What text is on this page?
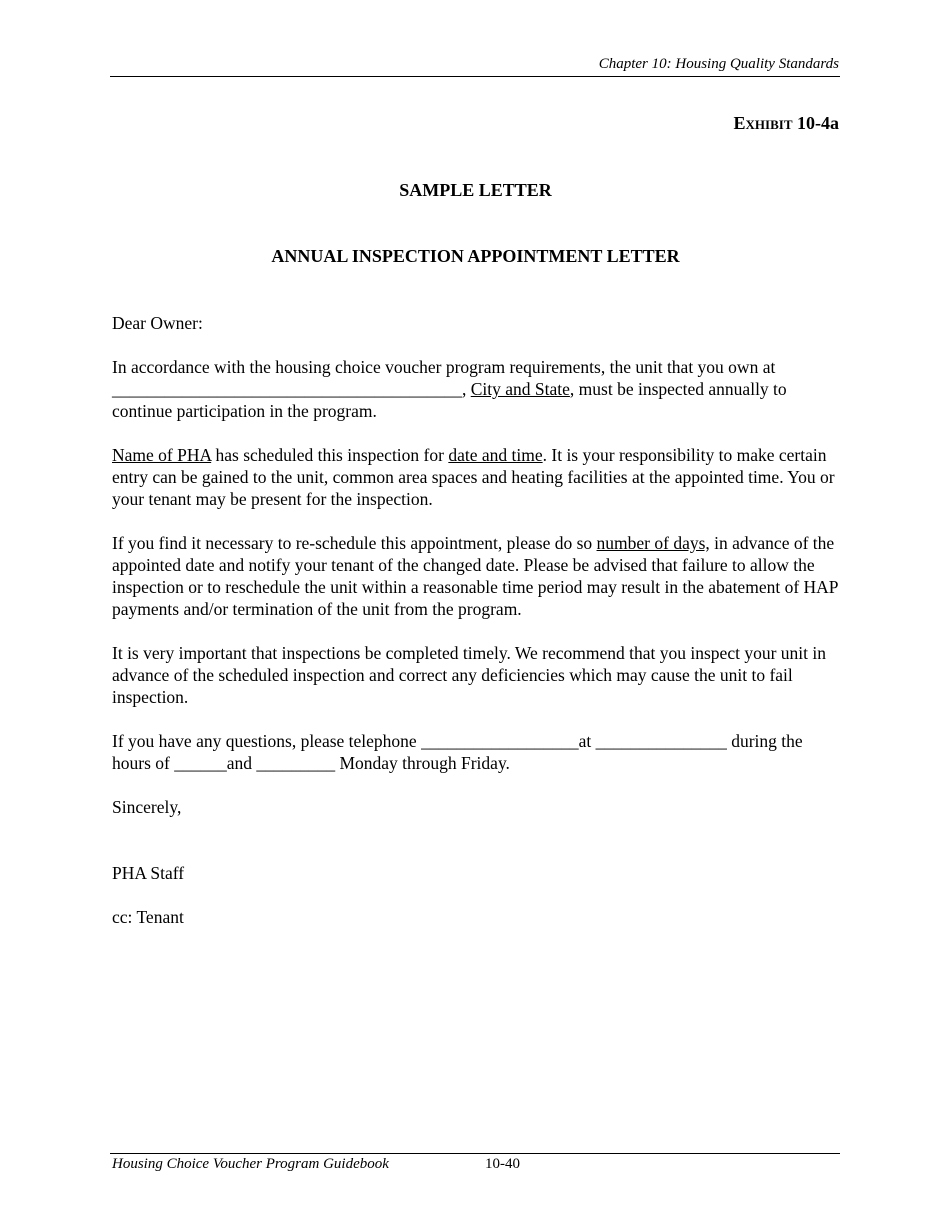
Chapter 10: Housing Quality Standards
Exhibit 10-4a
SAMPLE LETTER
ANNUAL INSPECTION APPOINTMENT LETTER

Dear Owner:

In accordance with the housing choice voucher program requirements, the unit that you own at ________________________________________, City and State, must be inspected annually to continue participation in the program.

Name of PHA has scheduled this inspection for date and time. It is your responsibility to make certain entry can be gained to the unit, common area spaces and heating facilities at the appointed time. You or your tenant may be present for the inspection.

If you find it necessary to re-schedule this appointment, please do so number of days, in advance of the appointed date and notify your tenant of the changed date. Please be advised that failure to allow the inspection or to reschedule the unit within a reasonable time period may result in the abatement of HAP payments and/or termination of the unit from the program.

It is very important that inspections be completed timely. We recommend that you inspect your unit in advance of the scheduled inspection and correct any deficiencies which may cause the unit to fail inspection.

If you have any questions, please telephone __________________at _______________ during the hours of ______and _________ Monday through Friday.

Sincerely,

PHA Staff

cc: Tenant

Housing Choice Voucher Program Guidebook	10-40
